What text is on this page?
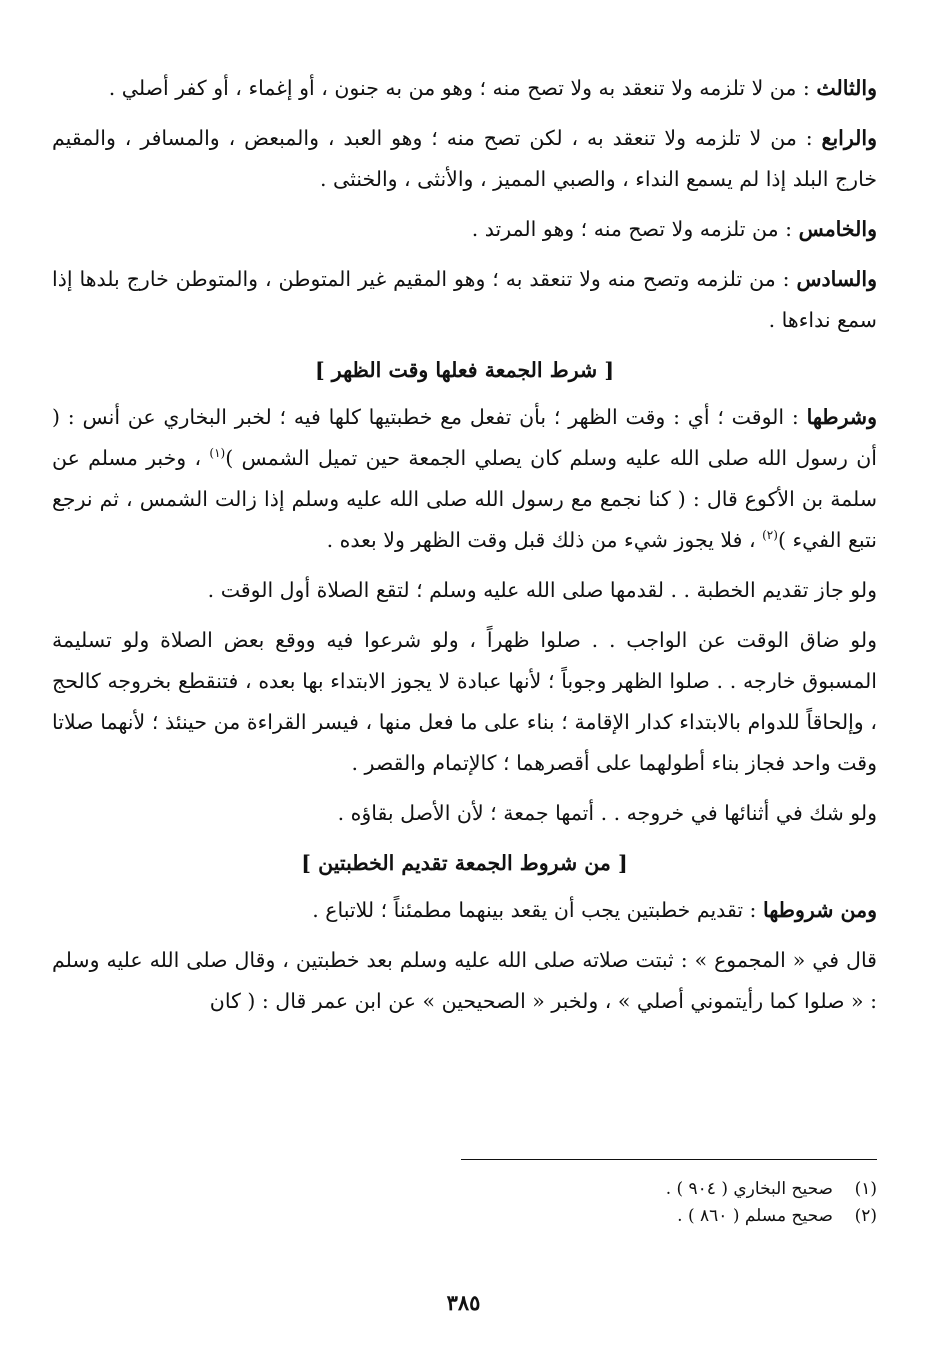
والثالث : من لا تلزمه ولا تنعقد به ولا تصح منه ؛ وهو من به جنون ، أو إغماء ، أو كفر أصلي .

والرابع : من لا تلزمه ولا تنعقد به ، لكن تصح منه ؛ وهو العبد ، والمبعض ، والمسافر ، والمقيم خارج البلد إذا لم يسمع النداء ، والصبي المميز ، والأنثى ، والخنثى .

والخامس : من تلزمه ولا تصح منه ؛ وهو المرتد .

والسادس : من تلزمه وتصح منه ولا تنعقد به ؛ وهو المقيم غير المتوطن ، والمتوطن خارج بلدها إذا سمع نداءها .

[ شرط الجمعة فعلها وقت الظهر ]

وشرطها : الوقت ؛ أي : وقت الظهر ؛ بأن تفعل مع خطبتيها كلها فيه ؛ لخبر البخاري عن أنس : ( أن رسول الله صلى الله عليه وسلم كان يصلي الجمعة حين تميل الشمس )$^{(١)}$ ، وخبر مسلم عن سلمة بن الأكوع قال : ( كنا نجمع مع رسول الله صلى الله عليه وسلم إذا زالت الشمس ، ثم نرجع نتبع الفيء )$^{(٢)}$ ، فلا يجوز شيء من ذلك قبل وقت الظهر ولا بعده .

ولو جاز تقديم الخطبة . . لقدمها صلى الله عليه وسلم ؛ لتقع الصلاة أول الوقت .

ولو ضاق الوقت عن الواجب . . صلوا ظهراً ، ولو شرعوا فيه ووقع بعض الصلاة ولو تسليمة المسبوق خارجه . . صلوا الظهر وجوباً ؛ لأنها عبادة لا يجوز الابتداء بها بعده ، فتنقطع بخروجه كالحج ، وإلحاقاً للدوام بالابتداء كدار الإقامة ؛ بناء على ما فعل منها ، فيسر القراءة من حينئذ ؛ لأنهما صلاتا وقت واحد فجاز بناء أطولهما على أقصرهما ؛ كالإتمام والقصر .

ولو شك في أثنائها في خروجه . . أتمها جمعة ؛ لأن الأصل بقاؤه .

[ من شروط الجمعة تقديم الخطبتين ]

ومن شروطها : تقديم خطبتين يجب أن يقعد بينهما مطمئناً ؛ للاتباع .

قال في « المجموع » : ثبتت صلاته صلى الله عليه وسلم بعد خطبتين ، وقال صلى الله عليه وسلم : « صلوا كما رأيتموني أصلي » ، ولخبر « الصحيحين » عن ابن عمر قال : ( كان

(١)
صحيح البخاري ( ٩٠٤ ) .
(٢)
صحيح مسلم ( ٨٦٠ ) .
٣٨٥
